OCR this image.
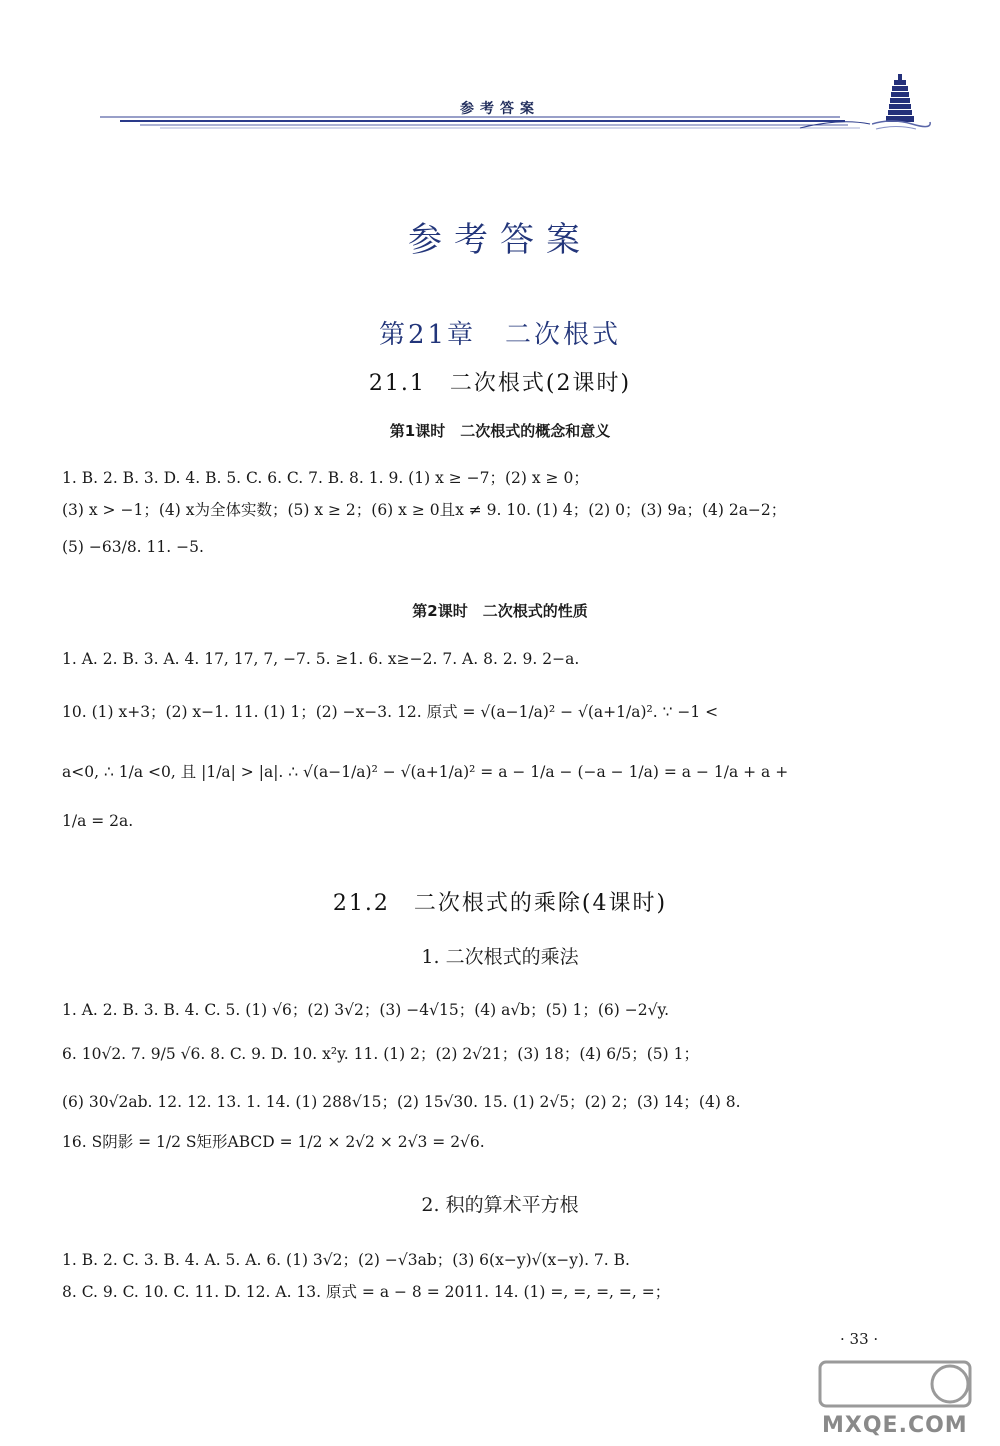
参考答案
参考答案
第21章　二次根式
21.1　二次根式(2课时)
第1课时　二次根式的概念和意义
1. B. 2. B. 3. D. 4. B. 5. C. 6. C. 7. B. 8. 1. 9. (1) x ≥ −7；(2) x ≥ 0；
(3) x > −1；(4) x为全体实数；(5) x ≥ 2；(6) x ≥ 0且x ≠ 9. 10. (1) 4；(2) 0；(3) 9a；(4) 2a−2；
(5) −63/8. 11. −5.
第2课时　二次根式的性质
1. A. 2. B. 3. A. 4. 17, 17, 7, −7. 5. ≥1. 6. x≥−2. 7. A. 8. 2. 9. 2−a.
10. (1) x+3；(2) x−1. 11. (1) 1；(2) −x−3. 12. 原式 = √(a−1/a)² − √(a+1/a)². ∵ −1 <
a<0, ∴ 1/a <0, 且 |1/a| > |a|. ∴ √(a−1/a)² − √(a+1/a)² = a − 1/a − (−a − 1/a) = a − 1/a + a +
1/a = 2a.
21.2　二次根式的乘除(4课时)
1. 二次根式的乘法
1. A. 2. B. 3. B. 4. C. 5. (1) √6；(2) 3√2；(3) −4√15；(4) a√b；(5) 1；(6) −2√y.
6. 10√2. 7. 9/5 √6. 8. C. 9. D. 10. x²y. 11. (1) 2；(2) 2√21；(3) 18；(4) 6/5；(5) 1；
(6) 30√2ab. 12. 12. 13. 1. 14. (1) 288√15；(2) 15√30. 15. (1) 2√5；(2) 2；(3) 14；(4) 8.
16. S阴影 = 1/2 S矩形ABCD = 1/2 × 2√2 × 2√3 = 2√6.
2. 积的算术平方根
1. B. 2. C. 3. B. 4. A. 5. A. 6. (1) 3√2；(2) −√3ab；(3) 6(x−y)√(x−y). 7. B.
8. C. 9. C. 10. C. 11. D. 12. A. 13. 原式 = a − 8 = 2011. 14. (1) =, =, =, =, =；
· 33 ·
MXQE.COM
